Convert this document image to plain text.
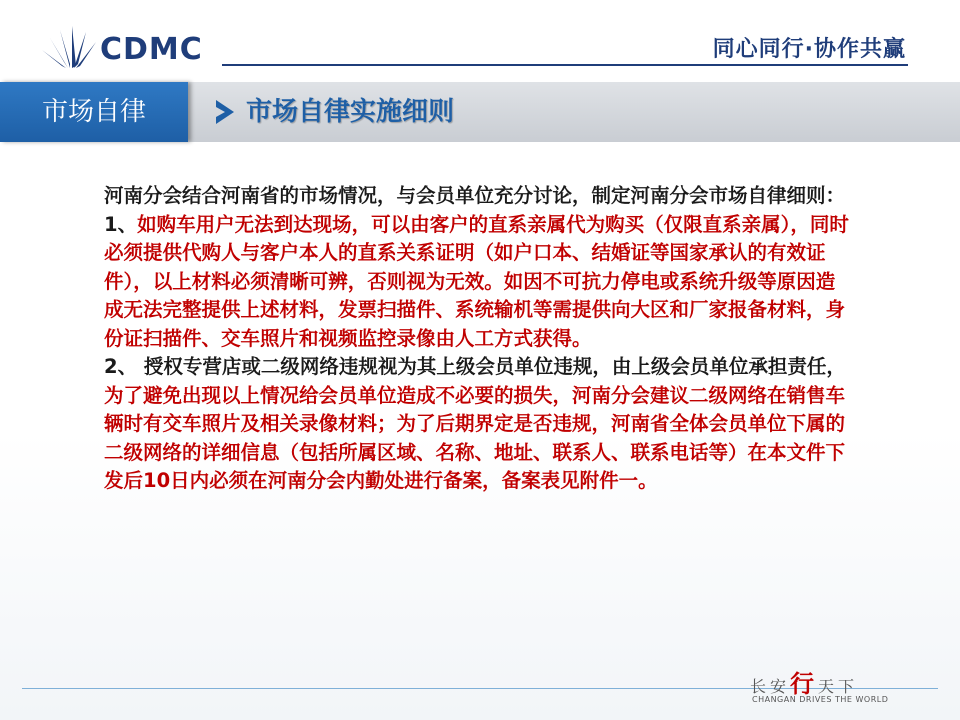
CDMC	同心同行·协作共赢
市场自律	市场自律实施细则

河南分会结合河南省的市场情况，与会员单位充分讨论，制定河南分会市场自律细则：

1、如购车用户无法到达现场，可以由客户的直系亲属代为购买（仅限直系亲属），同时必须提供代购人与客户本人的直系关系证明（如户口本、结婚证等国家承认的有效证件），以上材料必须清晰可辨，否则视为无效。如因不可抗力停电或系统升级等原因造成无法完整提供上述材料，发票扫描件、系统输机等需提供向大区和厂家报备材料，身份证扫描件、交车照片和视频监控录像由人工方式获得。

2、 授权专营店或二级网络违规视为其上级会员单位违规，由上级会员单位承担责任，为了避免出现以上情况给会员单位造成不必要的损失，河南分会建议二级网络在销售车辆时有交车照片及相关录像材料；为了后期界定是否违规，河南省全体会员单位下属的二级网络的详细信息（包括所属区域、名称、地址、联系人、联系电话等）在本文件下发后10日内必须在河南分会内勤处进行备案，备案表见附件一。

长安行天下
CHANGAN DRIVES THE WORLD
